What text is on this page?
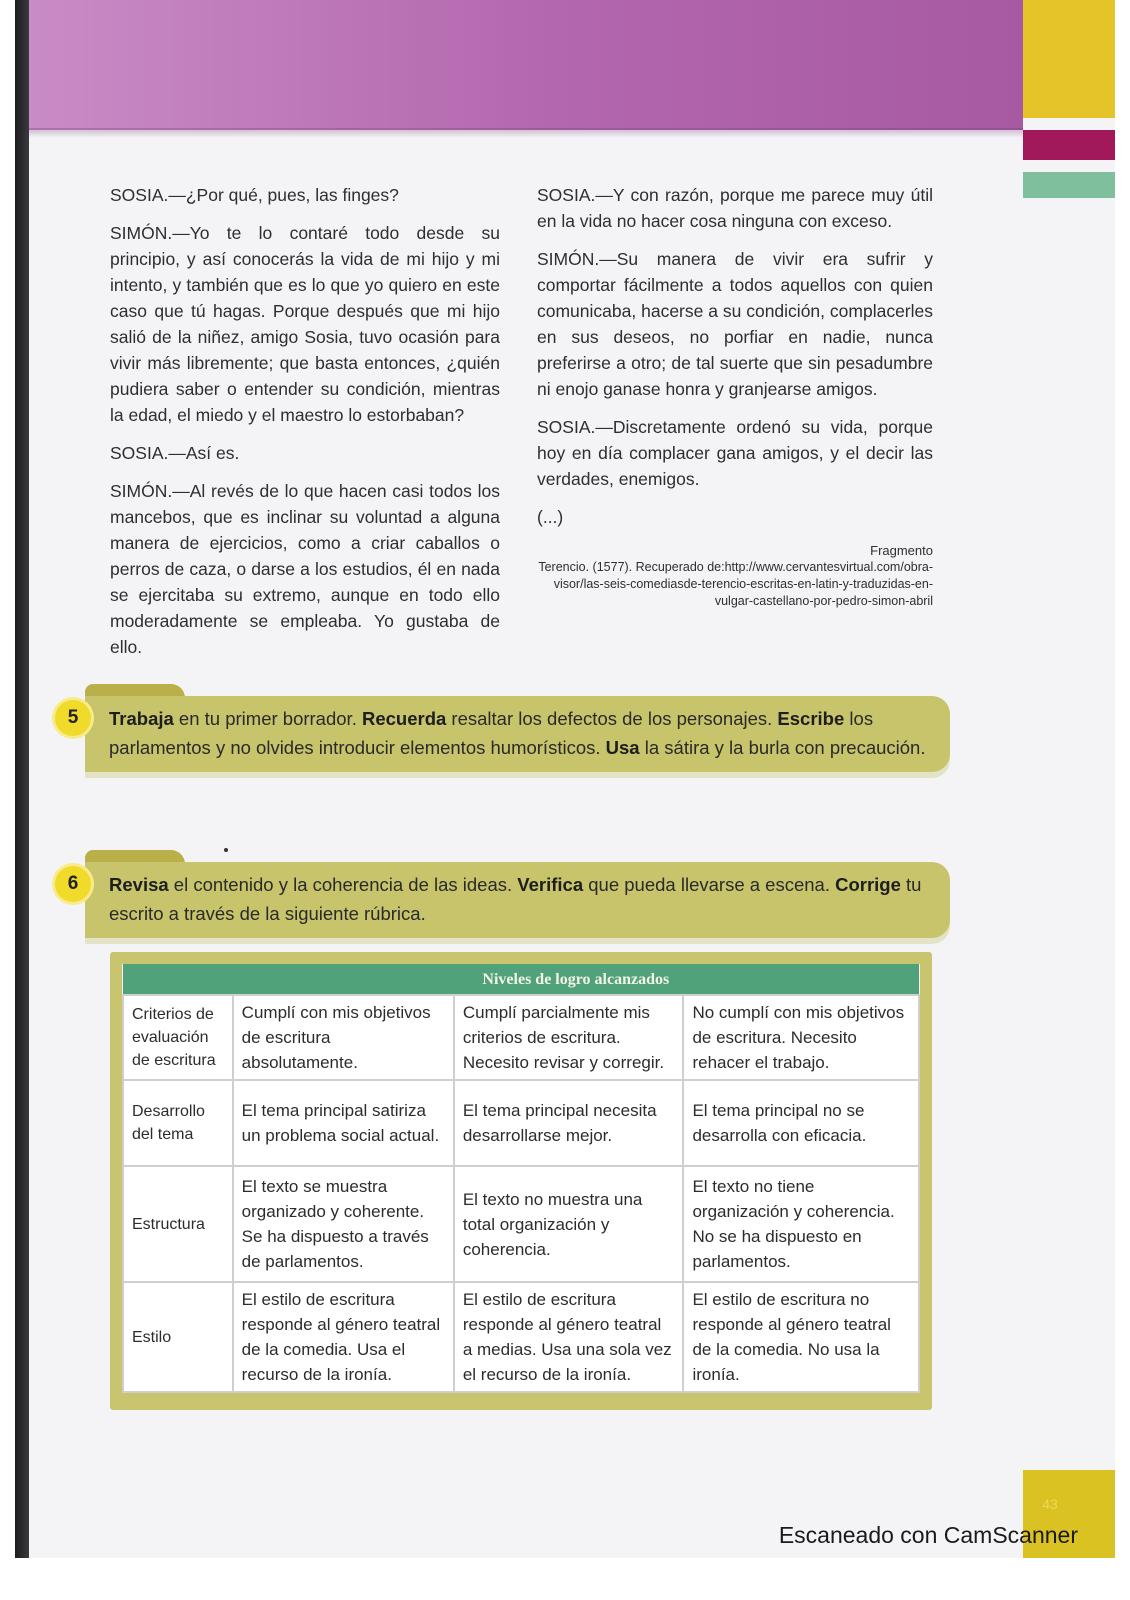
43

SOSIA.—¿Por qué, pues, las finges?

SIMÓN.—Yo te lo contaré todo desde su principio, y así conocerás la vida de mi hijo y mi intento, y también que es lo que yo quiero en este caso que tú hagas. Porque después que mi hijo salió de la niñez, amigo Sosia, tuvo ocasión para vivir más libremente; que basta entonces, ¿quién pudiera saber o entender su condición, mientras la edad, el miedo y el maestro lo estorbaban?

SOSIA.—Así es.

SIMÓN.—Al revés de lo que hacen casi todos los mancebos, que es inclinar su voluntad a alguna manera de ejercicios, como a criar caballos o perros de caza, o darse a los estudios, él en nada se ejercitaba su extremo, aunque en todo ello moderadamente se empleaba. Yo gustaba de ello.

SOSIA.—Y con razón, porque me parece muy útil en la vida no hacer cosa ninguna con exceso.

SIMÓN.—Su manera de vivir era sufrir y comportar fácilmente a todos aquellos con quien comunicaba, hacerse a su condición, complacerles en sus deseos, no porfiar en nadie, nunca preferirse a otro; de tal suerte que sin pesadumbre ni enojo ganase honra y granjearse amigos.

SOSIA.—Discretamente ordenó su vida, porque hoy en día complacer gana amigos, y el decir las verdades, enemigos.

(...)

Fragmento
Terencio. (1577). Recuperado de:http://www.cervantesvirtual.com/obra-visor/las-seis-comediasde-terencio-escritas-en-latin-y-traduzidas-en-vulgar-castellano-por-pedro-simon-abril
Trabaja en tu primer borrador. Recuerda resaltar los defectos de los personajes. Escribe los parlamentos y no olvides introducir elementos humorísticos. Usa la sátira y la burla con precaución.
5
Revisa el contenido y la coherencia de las ideas. Verifica que pueda llevarse a escena. Corrige tu escrito a través de la siguiente rúbrica.
6
	Niveles de logro alcanzados		
Criterios de evaluación de escritura	Cumplí con mis objetivos de escritura absolutamente.	Cumplí parcialmente mis criterios de escritura. Necesito revisar y corregir.	No cumplí con mis objetivos de escritura. Necesito rehacer el trabajo.
Desarrollo del tema	El tema principal satiriza un problema social actual.	El tema principal necesita desarrollarse mejor.	El tema principal no se desarrolla con eficacia.
Estructura	El texto se muestra organizado y coherente. Se ha dispuesto a través de parlamentos.	El texto no muestra una total organización y coherencia.	El texto no tiene organización y coherencia. No se ha dispuesto en parlamentos.
Estilo	El estilo de escritura responde al género teatral de la comedia. Usa el recurso de la ironía.	El estilo de escritura responde al género teatral a medias. Usa una sola vez el recurso de la ironía.	El estilo de escritura no responde al género teatral de la comedia. No usa la ironía.
Escaneado con CamScanner
